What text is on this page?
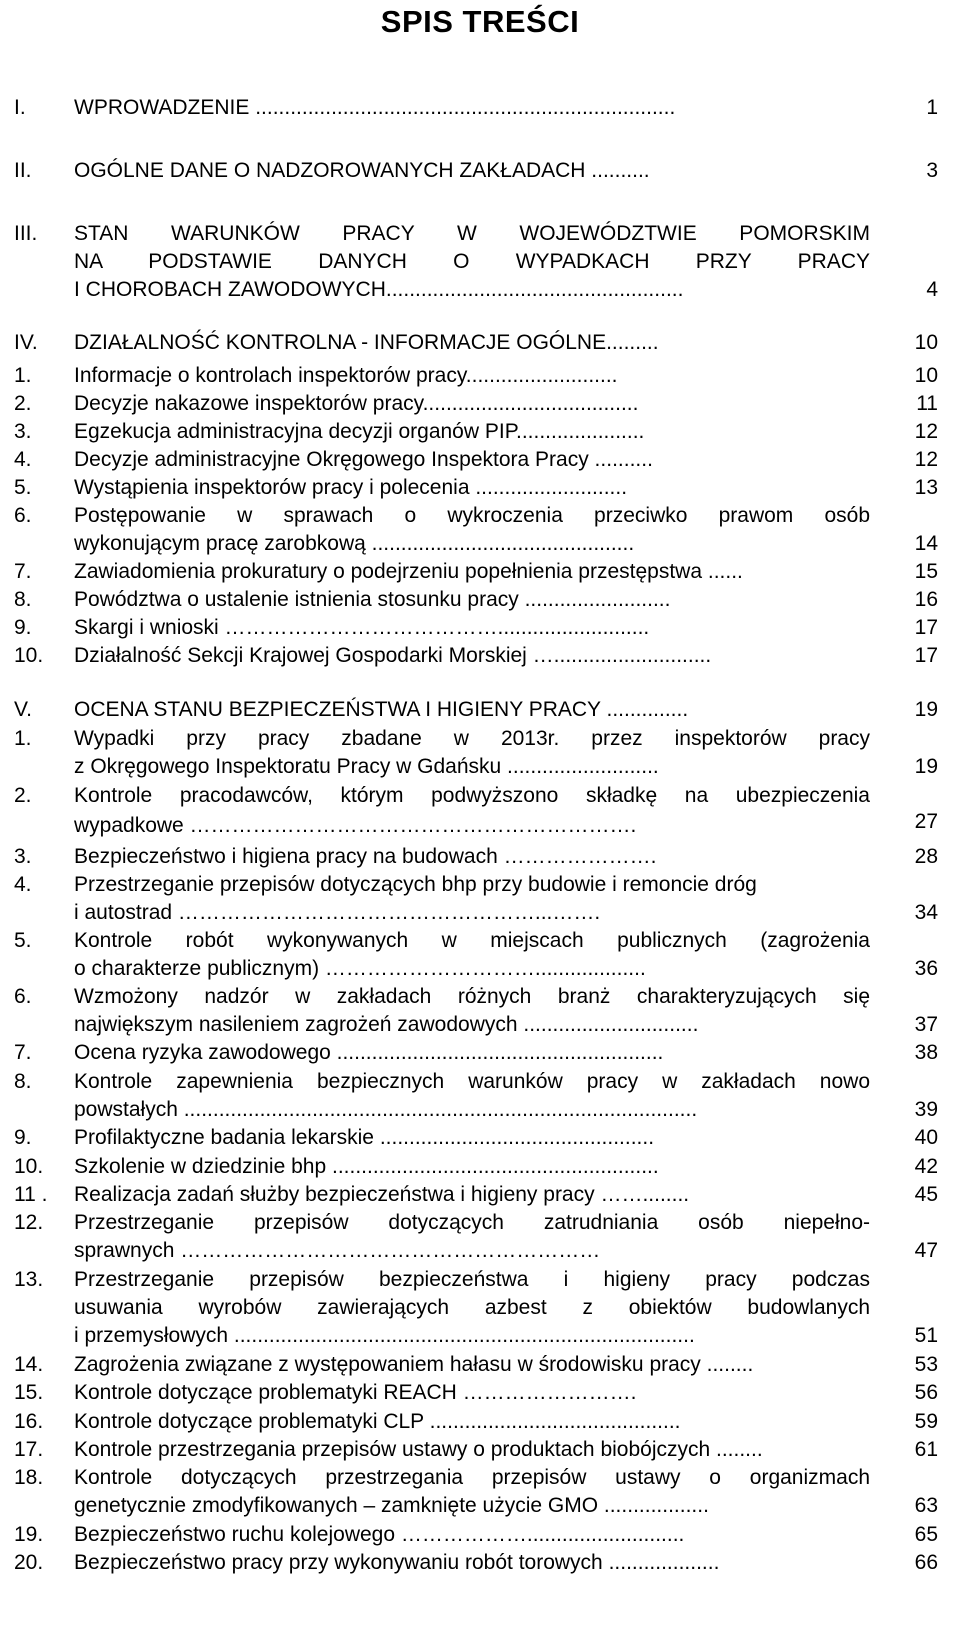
SPIS TREŚCI
I.	WPROWADZENIE ........................................................................	1
II.	OGÓLNE DANE O NADZOROWANYCH ZAKŁADACH ..........	3
III.	STAN WARUNKÓW PRACY W WOJEWÓDZTWIE POMORSKIM
NA PODSTAWIE DANYCH O WYPADKACH PRZY PRACY
I CHOROBACH ZAWODOWYCH...................................................	4
IV.	DZIAŁALNOŚĆ KONTROLNA - INFORMACJE OGÓLNE.........	10
1.	Informacje o kontrolach inspektorów pracy..........................	10
2.	Decyzje nakazowe inspektorów pracy.....................................	11
3.	Egzekucja administracyjna decyzji organów PIP......................	12
4.	Decyzje administracyjne Okręgowego Inspektora Pracy ..........	12
5.	Wystąpienia inspektorów pracy i polecenia ..........................	13
6.	Postępowanie w sprawach o wykroczenia przeciwko prawom osób
wykonującym pracę zarobkową .............................................	14
7.	Zawiadomienia prokuratury o podejrzeniu popełnienia przestępstwa ......	15
8.	Powództwa o ustalenie istnienia stosunku pracy .........................	16
9.	Skargi i wnioski …………………………………..........................	17
10.	Działalność Sekcji Krajowej Gospodarki Morskiej …...........................	17
V.	OCENA STANU BEZPIECZEŃSTWA I HIGIENY PRACY ..............	19
1.	Wypadki przy pracy zbadane w 2013r. przez inspektorów pracy
z Okręgowego Inspektoratu Pracy w Gdańsku ..........................	19
2.	Kontrole pracodawców, którym podwyższono składkę na ubezpieczenia
wypadkowe ……………………………………………………….	27
3.	Bezpieczeństwo i higiena pracy na budowach ………………….	28
4.	Przestrzeganie przepisów dotyczących bhp przy budowie i remoncie dróg
i autostrad ……………………………………………...…….	34
5.	Kontrole robót wykonywanych w miejscach publicznych (zagrożenia
o charakterze publicznym) …………………………...................	36
6.	Wzmożony nadzór w zakładach różnych branż charakteryzujących się
największym nasileniem zagrożeń zawodowych ..............................	37
7.	Ocena ryzyka zawodowego ........................................................	38
8.	Kontrole zapewnienia bezpiecznych warunków pracy w zakładach nowo
powstałych ........................................................................................	39
9.	Profilaktyczne badania lekarskie ...............................................	40
10.	Szkolenie w dziedzinie bhp ........................................................	42
11 .	Realizacja zadań służby bezpieczeństwa i higieny pracy ……........	45
12.	Przestrzeganie przepisów dotyczących zatrudniania osób niepełno-
sprawnych ……………………………………………………	47
13.	Przestrzeganie przepisów bezpieczeństwa i higieny pracy podczas
usuwania wyrobów zawierających azbest z obiektów budowlanych
i przemysłowych ...............................................................................	51
14.	Zagrożenia związane z występowaniem hałasu w środowisku pracy ........	53
15.	Kontrole dotyczące problematyki REACH …………………….	56
16.	Kontrole dotyczące problematyki CLP ...........................................	59
17.	Kontrole przestrzegania przepisów ustawy o produktach biobójczych ........	61
18.	Kontrole dotyczących przestrzegania przepisów ustawy o organizmach
genetycznie zmodyfikowanych – zamknięte użycie GMO ..................	63
19.	Bezpieczeństwo ruchu kolejowego ………………...........................	65
20.	Bezpieczeństwo pracy przy wykonywaniu robót torowych ...................	66
